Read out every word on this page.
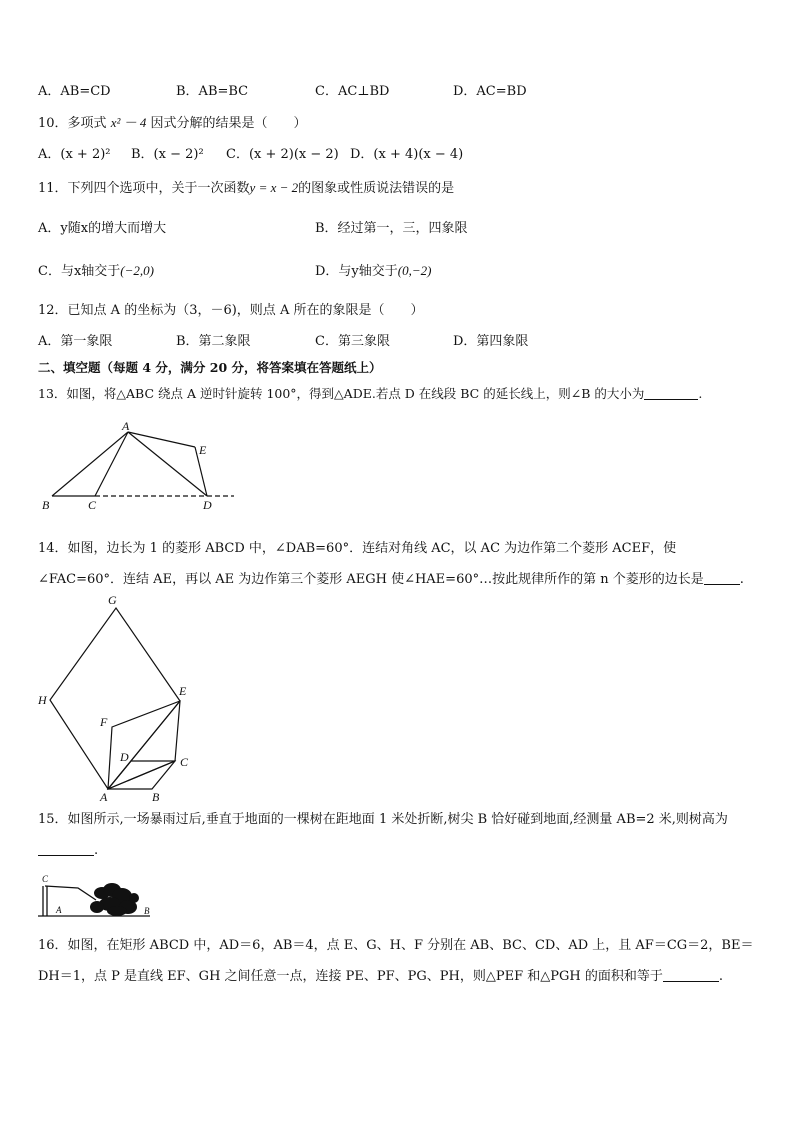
A．AB=CD	B．AB=BC	C．AC⊥BD	D．AC=BD
10．多项式 x² － 4 因式分解的结果是（　　）
A．(x + 2)² B．(x − 2)² C．(x + 2)(x − 2) D．(x + 4)(x − 4)
11．下列四个选项中，关于一次函数y = x − 2的图象或性质说法错误的是
A．y随x的增大而增大	B．经过第一，三，四象限
C．与x轴交于(−2,0)	D．与y轴交于(0,−2)
12．已知点 A 的坐标为（3，－6)，则点 A 所在的象限是（　　）
A．第一象限	B．第二象限	C．第三象限	D．第四象限
二、填空题（每题 4 分，满分 20 分，将答案填在答题纸上）
13．如图，将△ABC 绕点 A 逆时针旋转 100°，得到△ADE.若点 D 在线段 BC 的延长线上，则∠B 的大小为	.
A
B	C	D
E
14．如图，边长为 1 的菱形 ABCD 中，∠DAB=60°．连结对角线 AC，以 AC 为边作第二个菱形 ACEF，使
∠FAC=60°．连结 AE，再以 AE 为边作第三个菱形 AEGH 使∠HAE=60°…按此规律所作的第 n 个菱形的边长是	.
A	B
C
D
E
F
G
H
15．如图所示,一场暴雨过后,垂直于地面的一棵树在距地面 1 米处折断,树尖 B 恰好碰到地面,经测量 AB=2 米,则树高为
.
C
A	B
16．如图，在矩形 ABCD 中，AD＝6，AB＝4，点 E、G、H、F 分别在 AB、BC、CD、AD 上，且 AF＝CG＝2，BE＝
DH＝1，点 P 是直线 EF、GH 之间任意一点，连接 PE、PF、PG、PH，则△PEF 和△PGH 的面积和等于	.
